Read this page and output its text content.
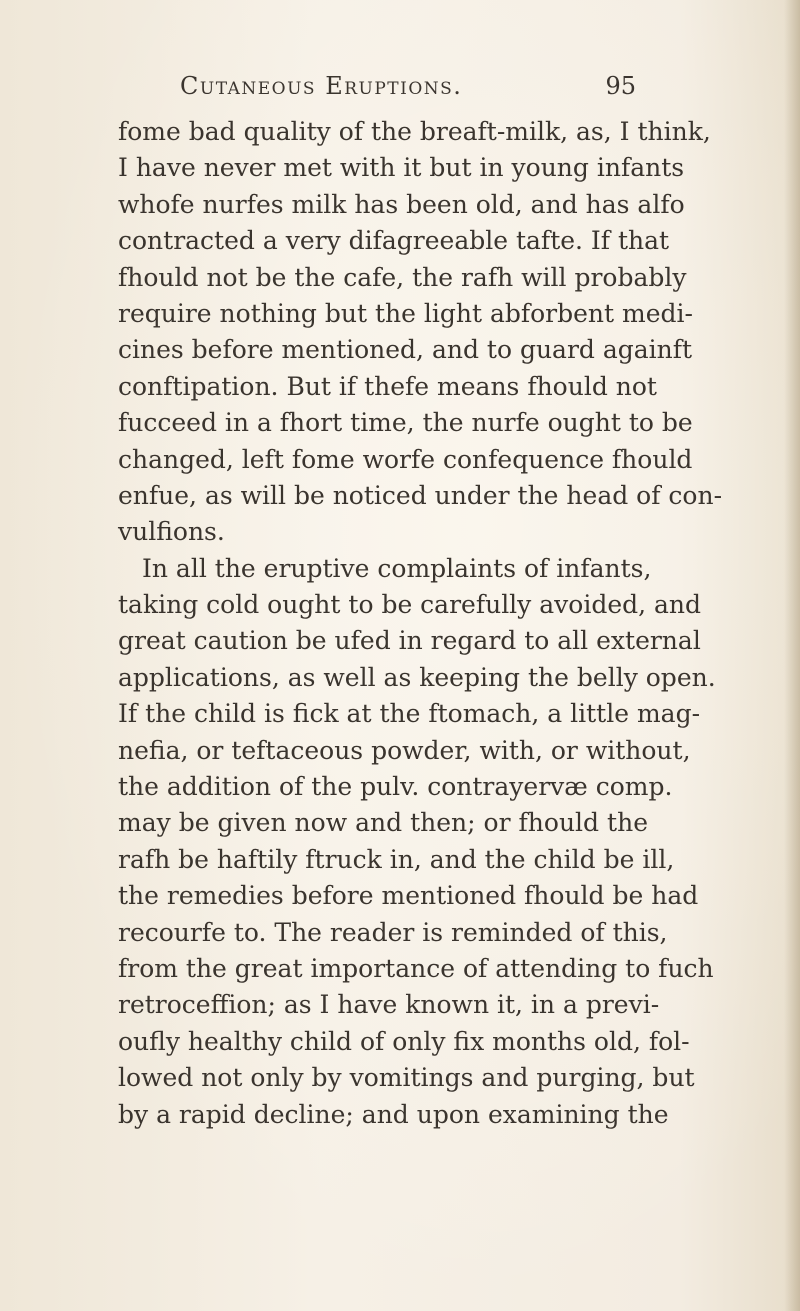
Cutaneous Eruptions.	95
fome bad quality of the breaft-milk, as, I think,
I have never met with it but in young infants
whofe nurfes milk has been old, and has alfo
contracted a very difagreeable tafte. If that
fhould not be the cafe, the rafh will probably
require nothing but the light abforbent medi-
cines before mentioned, and to guard againft
conftipation. But if thefe means fhould not
fucceed in a fhort time, the nurfe ought to be
changed, left fome worfe confequence fhould
enfue, as will be noticed under the head of con-
vulfions.
In all the eruptive complaints of infants,
taking cold ought to be carefully avoided, and
great caution be ufed in regard to all external
applications, as well as keeping the belly open.
If the child is fick at the ftomach, a little mag-
nefia, or teftaceous powder, with, or without,
the addition of the pulv. contrayervæ comp.
may be given now and then; or fhould the
rafh be haftily ftruck in, and the child be ill,
the remedies before mentioned fhould be had
recourfe to. The reader is reminded of this,
from the great importance of attending to fuch
retroceffion; as I have known it, in a previ-
oufly healthy child of only fix months old, fol-
lowed not only by vomitings and purging, but
by a rapid decline; and upon examining the
